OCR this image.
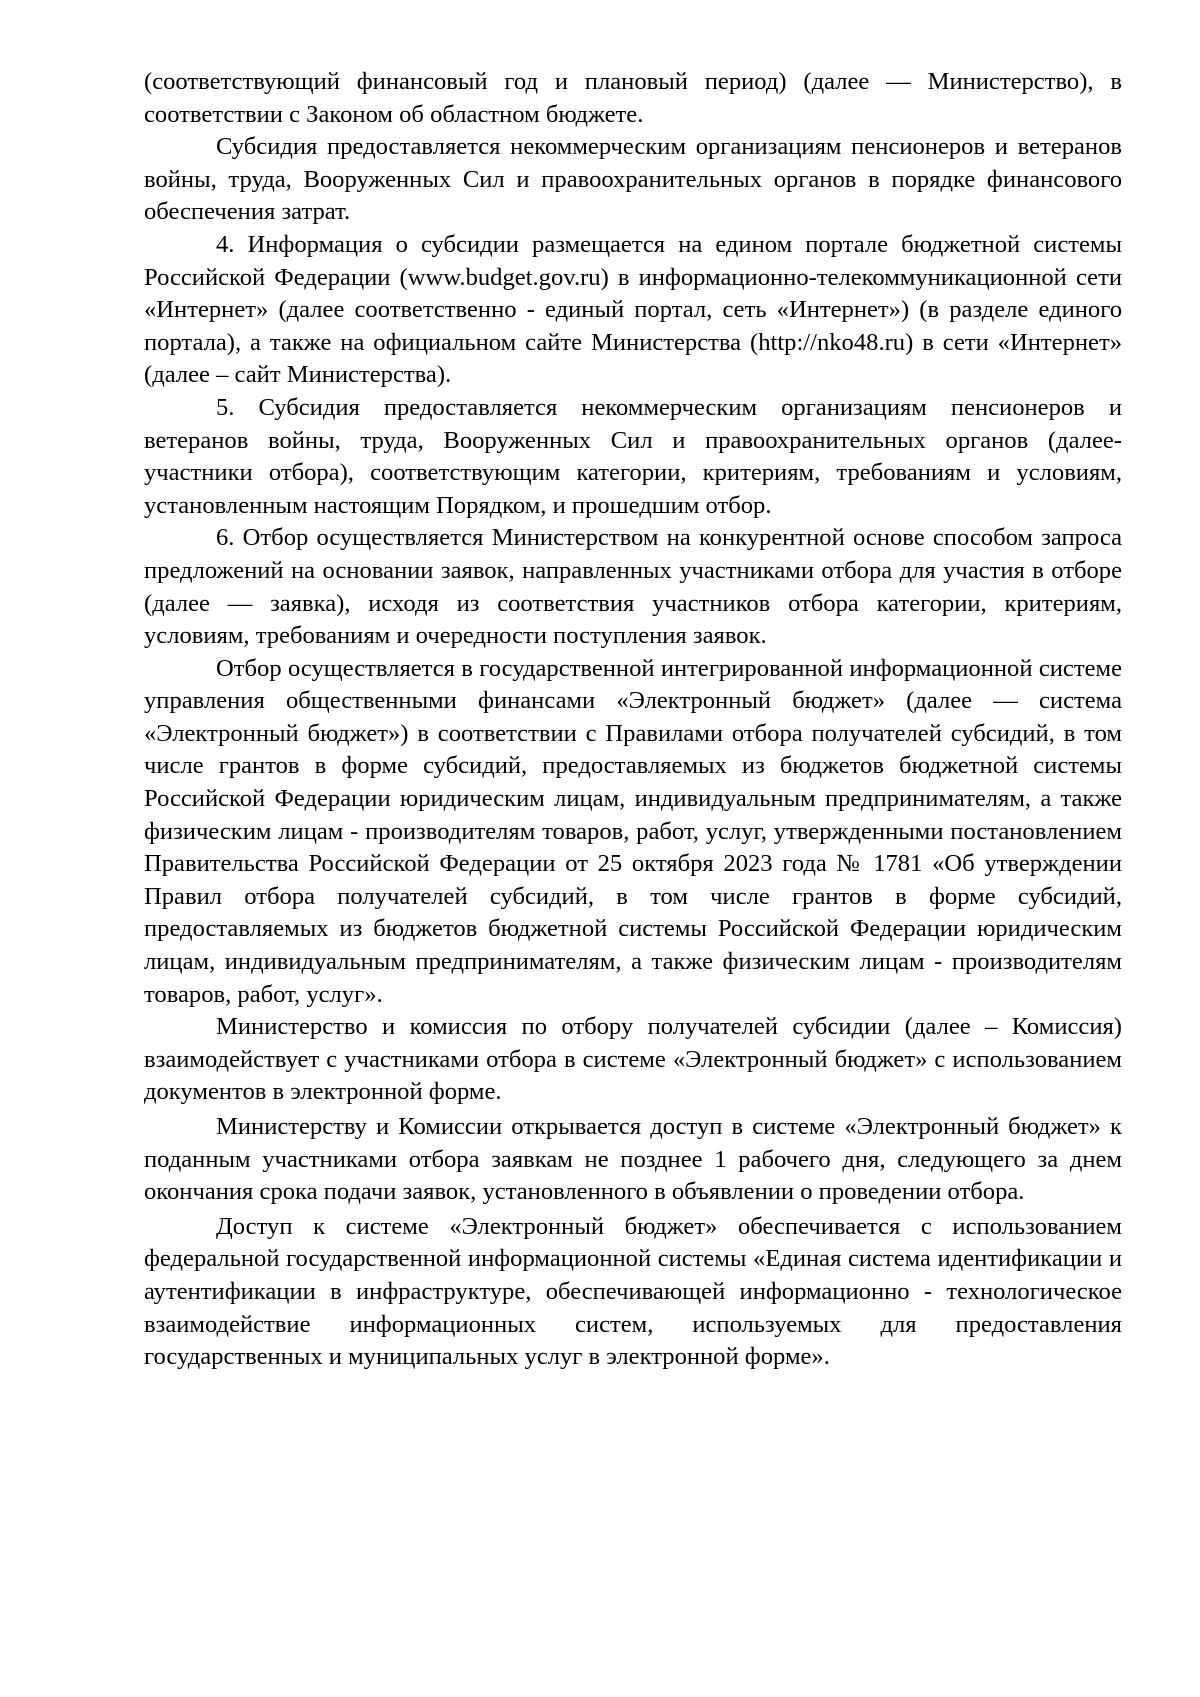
(соответствующий финансовый год и плановый период) (далее — Министерство), в соответствии с Законом об областном бюджете.

Субсидия предоставляется некоммерческим организациям пенсионеров и ветеранов войны, труда, Вооруженных Сил и правоохранительных органов в порядке финансового обеспечения затрат.

4. Информация о субсидии размещается на едином портале бюджетной системы Российской Федерации (www.budget.gov.ru) в информационно-телекоммуникационной сети «Интернет» (далее соответственно - единый портал, сеть «Интернет») (в разделе единого портала), а также на официальном сайте Министерства (http://nko48.ru) в сети «Интернет» (далее – сайт Министерства).

5. Субсидия предоставляется некоммерческим организациям пенсионеров и ветеранов войны, труда, Вооруженных Сил и правоохранительных органов (далее-участники отбора), соответствующим категории, критериям, требованиям и условиям, установленным настоящим Порядком, и прошедшим отбор.

6. Отбор осуществляется Министерством на конкурентной основе способом запроса предложений на основании заявок, направленных участниками отбора для участия в отборе (далее — заявка), исходя из соответствия участников отбора категории, критериям, условиям, требованиям и очередности поступления заявок.

Отбор осуществляется в государственной интегрированной информационной системе управления общественными финансами «Электронный бюджет» (далее — система «Электронный бюджет») в соответствии с Правилами отбора получателей субсидий, в том числе грантов в форме субсидий, предоставляемых из бюджетов бюджетной системы Российской Федерации юридическим лицам, индивидуальным предпринимателям, а также физическим лицам - производителям товаров, работ, услуг, утвержденными постановлением Правительства Российской Федерации от 25 октября 2023 года № 1781 «Об утверждении Правил отбора получателей субсидий, в том числе грантов в форме субсидий, предоставляемых из бюджетов бюджетной системы Российской Федерации юридическим лицам, индивидуальным предпринимателям, а также физическим лицам - производителям товаров, работ, услуг».

Министерство и комиссия по отбору получателей субсидии (далее – Комиссия) взаимодействует с участниками отбора в системе «Электронный бюджет» с использованием документов в электронной форме.

Министерству и Комиссии открывается доступ в системе «Электронный бюджет» к поданным участниками отбора заявкам не позднее 1 рабочего дня, следующего за днем окончания срока подачи заявок, установленного в объявлении о проведении отбора.

Доступ к системе «Электронный бюджет» обеспечивается с использованием федеральной государственной информационной системы «Единая система идентификации и аутентификации в инфраструктуре, обеспечивающей информационно - технологическое взаимодействие информационных систем, используемых для предоставления государственных и муниципальных услуг в электронной форме».
